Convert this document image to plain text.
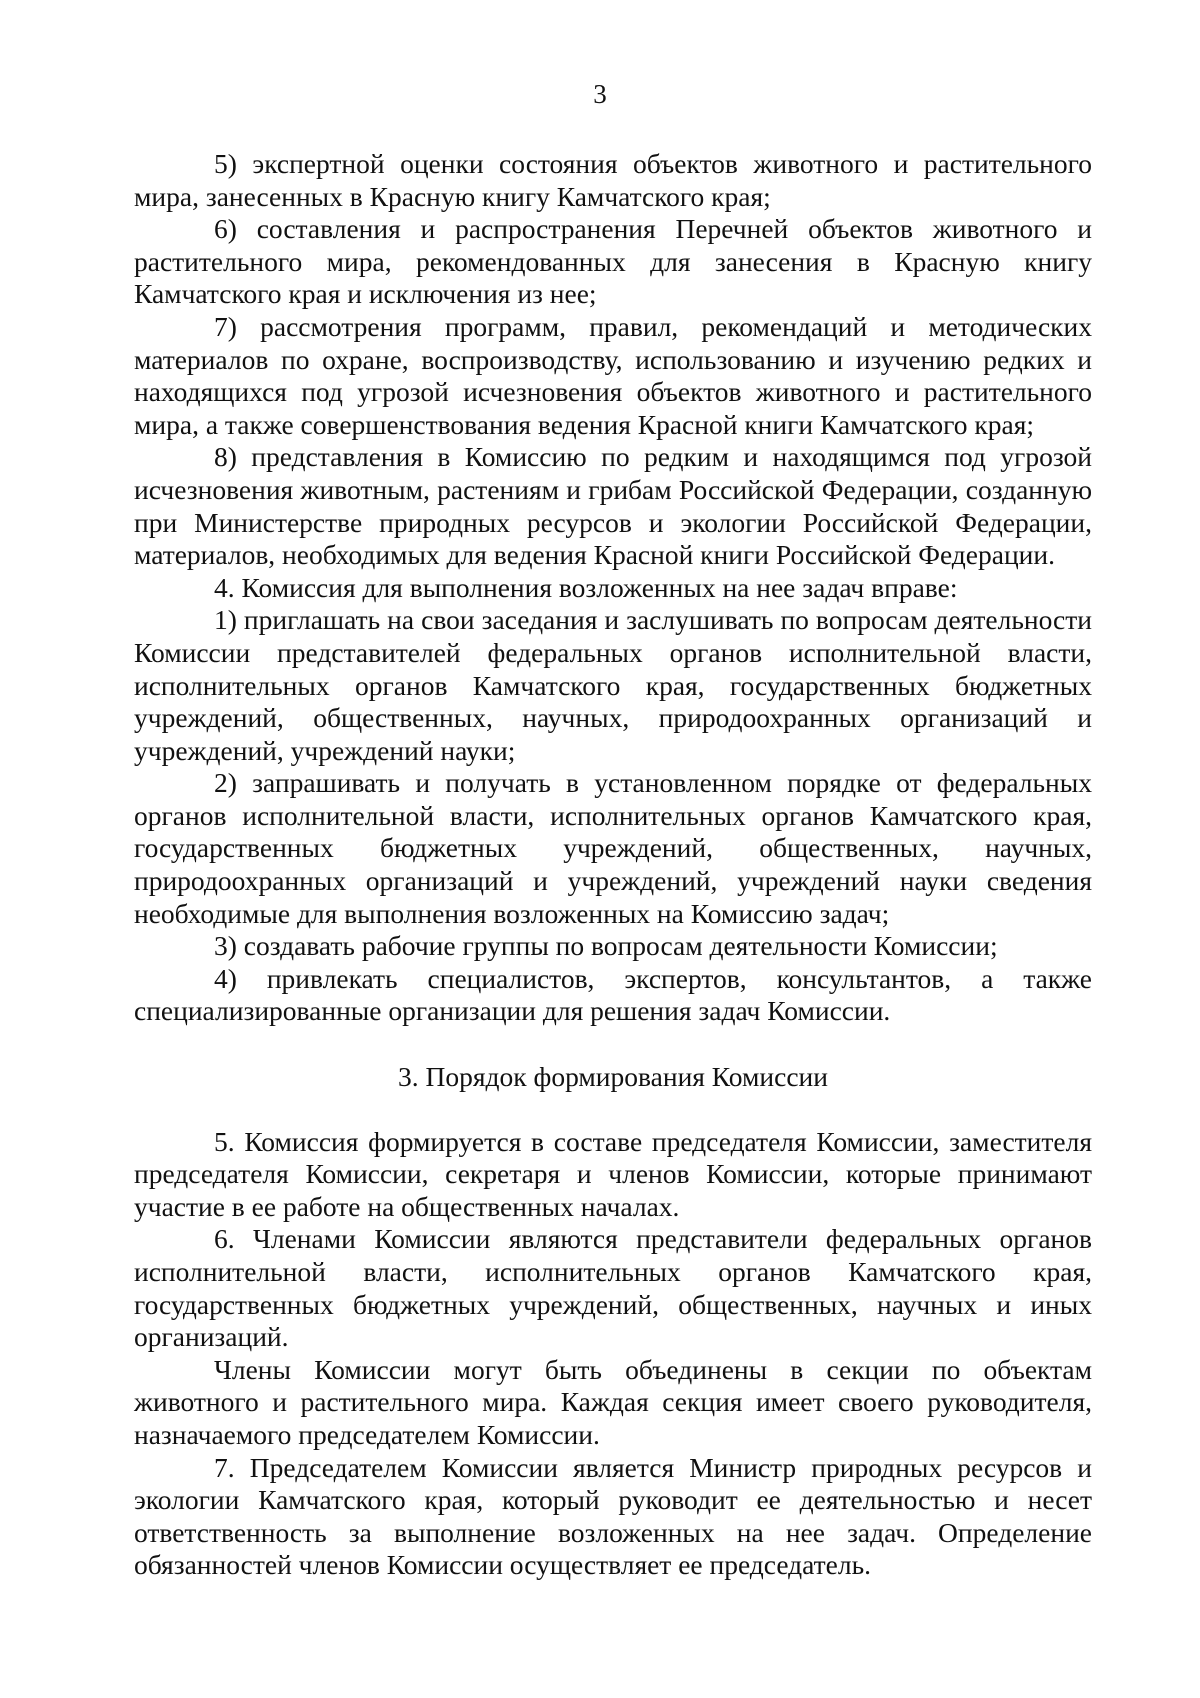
3

5) экспертной оценки состояния объектов животного и растительного мира, занесенных в Красную книгу Камчатского края;

6) составления и распространения Перечней объектов животного и растительного мира, рекомендованных для занесения в Красную книгу Камчатского края и исключения из нее;

7) рассмотрения программ, правил, рекомендаций и методических материалов по охране, воспроизводству, использованию и изучению редких и находящихся под угрозой исчезновения объектов животного и растительного мира, а также совершенствования ведения Красной книги Камчатского края;

8) представления в Комиссию по редким и находящимся под угрозой исчезновения животным, растениям и грибам Российской Федерации, созданную при Министерстве природных ресурсов и экологии Российской Федерации, материалов, необходимых для ведения Красной книги Российской Федерации.

4. Комиссия для выполнения возложенных на нее задач вправе:

1) приглашать на свои заседания и заслушивать по вопросам деятельности Комиссии представителей федеральных органов исполнительной власти, исполнительных органов Камчатского края, государственных бюджетных учреждений, общественных, научных, природоохранных организаций и учреждений, учреждений науки;

2) запрашивать и получать в установленном порядке от федеральных органов исполнительной власти, исполнительных органов Камчатского края, государственных бюджетных учреждений, общественных, научных, природоохранных организаций и учреждений, учреждений науки сведения необходимые для выполнения возложенных на Комиссию задач;

3) создавать рабочие группы по вопросам деятельности Комиссии;

4) привлекать специалистов, экспертов, консультантов, а также специализированные организации для решения задач Комиссии.

3. Порядок формирования Комиссии

5. Комиссия формируется в составе председателя Комиссии, заместителя председателя Комиссии, секретаря и членов Комиссии, которые принимают участие в ее работе на общественных началах.

6. Членами Комиссии являются представители федеральных органов исполнительной власти, исполнительных органов Камчатского края, государственных бюджетных учреждений, общественных, научных и иных организаций.

Члены Комиссии могут быть объединены в секции по объектам животного и растительного мира. Каждая секция имеет своего руководителя, назначаемого председателем Комиссии.

7. Председателем Комиссии является Министр природных ресурсов и экологии Камчатского края, который руководит ее деятельностью и несет ответственность за выполнение возложенных на нее задач. Определение обязанностей членов Комиссии осуществляет ее председатель.
